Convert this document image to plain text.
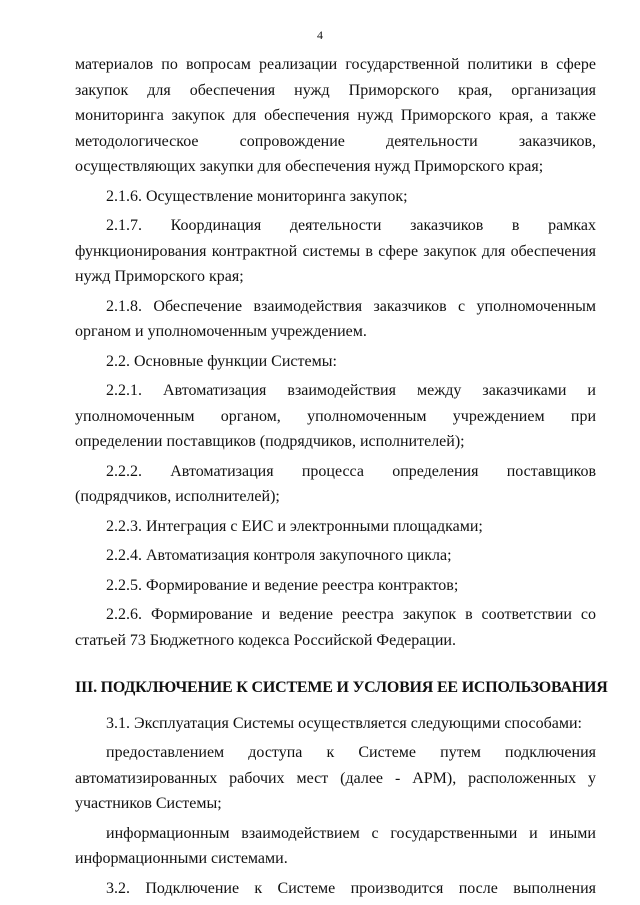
4

материалов по вопросам реализации государственной политики в сфере закупок для обеспечения нужд Приморского края, организация мониторинга закупок для обеспечения нужд Приморского края, а также методологическое сопровождение деятельности заказчиков, осуществляющих закупки для обеспечения нужд Приморского края;

2.1.6. Осуществление мониторинга закупок;

2.1.7. Координация деятельности заказчиков в рамках функционирования контрактной системы в сфере закупок для обеспечения нужд Приморского края;

2.1.8. Обеспечение взаимодействия заказчиков с уполномоченным органом и уполномоченным учреждением.

2.2. Основные функции Системы:

2.2.1. Автоматизация взаимодействия между заказчиками и уполномоченным органом, уполномоченным учреждением при определении поставщиков (подрядчиков, исполнителей);

2.2.2. Автоматизация процесса определения поставщиков (подрядчиков, исполнителей);

2.2.3. Интеграция с ЕИС и электронными площадками;

2.2.4. Автоматизация контроля закупочного цикла;

2.2.5. Формирование и ведение реестра контрактов;

2.2.6. Формирование и ведение реестра закупок в соответствии со статьей 73 Бюджетного кодекса Российской Федерации.

III. ПОДКЛЮЧЕНИЕ К СИСТЕМЕ И УСЛОВИЯ ЕЕ ИСПОЛЬЗОВАНИЯ

3.1. Эксплуатация Системы осуществляется следующими способами:

предоставлением доступа к Системе путем подключения автоматизированных рабочих мест (далее - АРМ), расположенных у участников Системы;

информационным взаимодействием с государственными и иными информационными системами.

3.2. Подключение к Системе производится после выполнения
